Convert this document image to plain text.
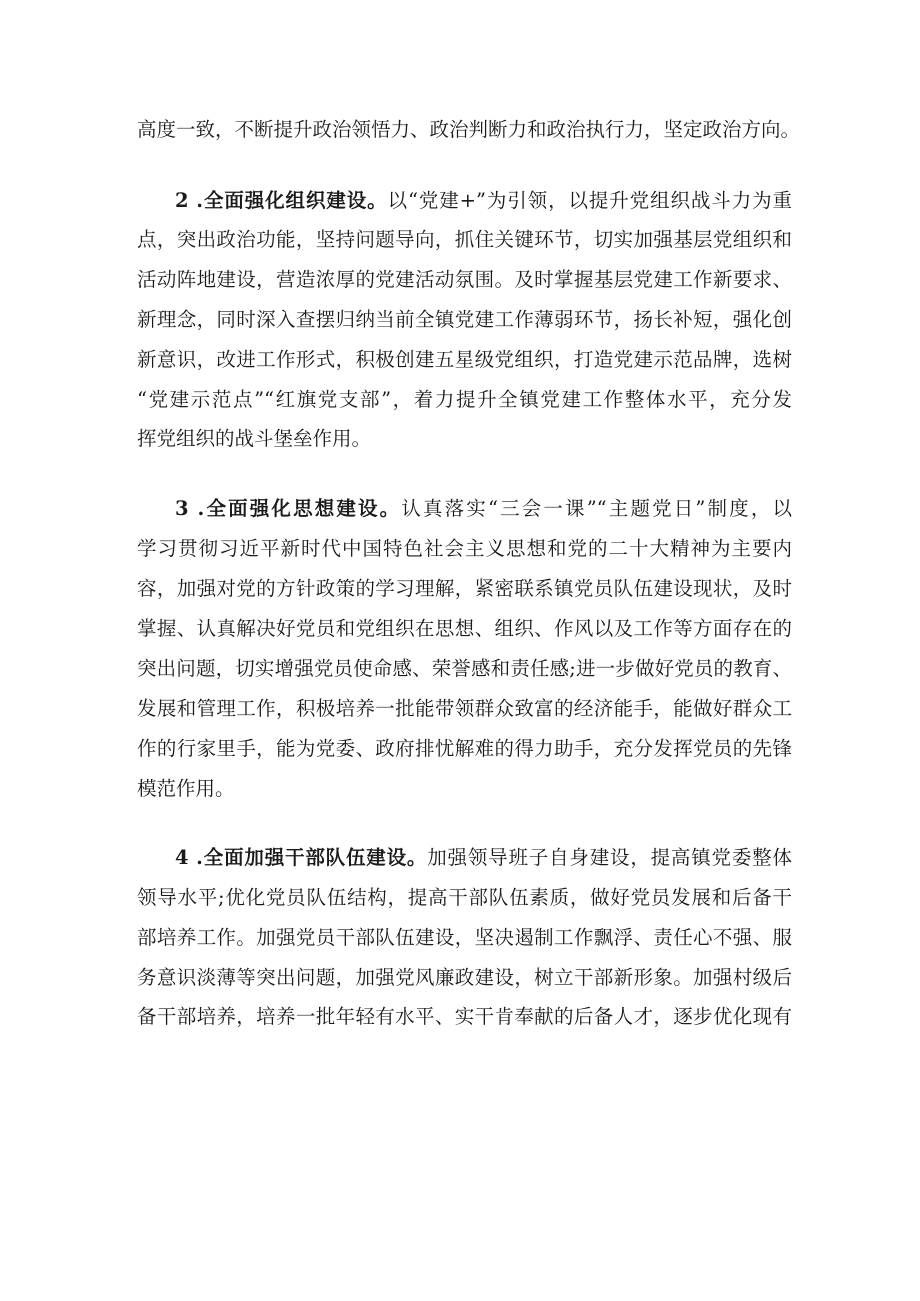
高度一致，不断提升政治领悟力、政治判断力和政治执行力，坚定政治方向。
2 .全面强化组织建设。以“党建+”为引领，以提升党组织战斗力为重
点，突出政治功能，坚持问题导向，抓住关键环节，切实加强基层党组织和
活动阵地建设，营造浓厚的党建活动氛围。及时掌握基层党建工作新要求、
新理念，同时深入查摆归纳当前全镇党建工作薄弱环节，扬长补短，强化创
新意识，改进工作形式，积极创建五星级党组织，打造党建示范品牌，选树
“党建示范点”“红旗党支部”，着力提升全镇党建工作整体水平，充分发
挥党组织的战斗堡垒作用。
3 .全面强化思想建设。认真落实“三会一课”“主题党日”制度，以
学习贯彻习近平新时代中国特色社会主义思想和党的二十大精神为主要内
容，加强对党的方针政策的学习理解，紧密联系镇党员队伍建设现状，及时
掌握、认真解决好党员和党组织在思想、组织、作风以及工作等方面存在的
突出问题，切实增强党员使命感、荣誉感和责任感;进一步做好党员的教育、
发展和管理工作，积极培养一批能带领群众致富的经济能手，能做好群众工
作的行家里手，能为党委、政府排忧解难的得力助手，充分发挥党员的先锋
模范作用。
4 .全面加强干部队伍建设。加强领导班子自身建设，提高镇党委整体
领导水平;优化党员队伍结构，提高干部队伍素质，做好党员发展和后备干
部培养工作。加强党员干部队伍建设，坚决遏制工作飘浮、责任心不强、服
务意识淡薄等突出问题，加强党风廉政建设，树立干部新形象。加强村级后
备干部培养，培养一批年轻有水平、实干肯奉献的后备人才，逐步优化现有
